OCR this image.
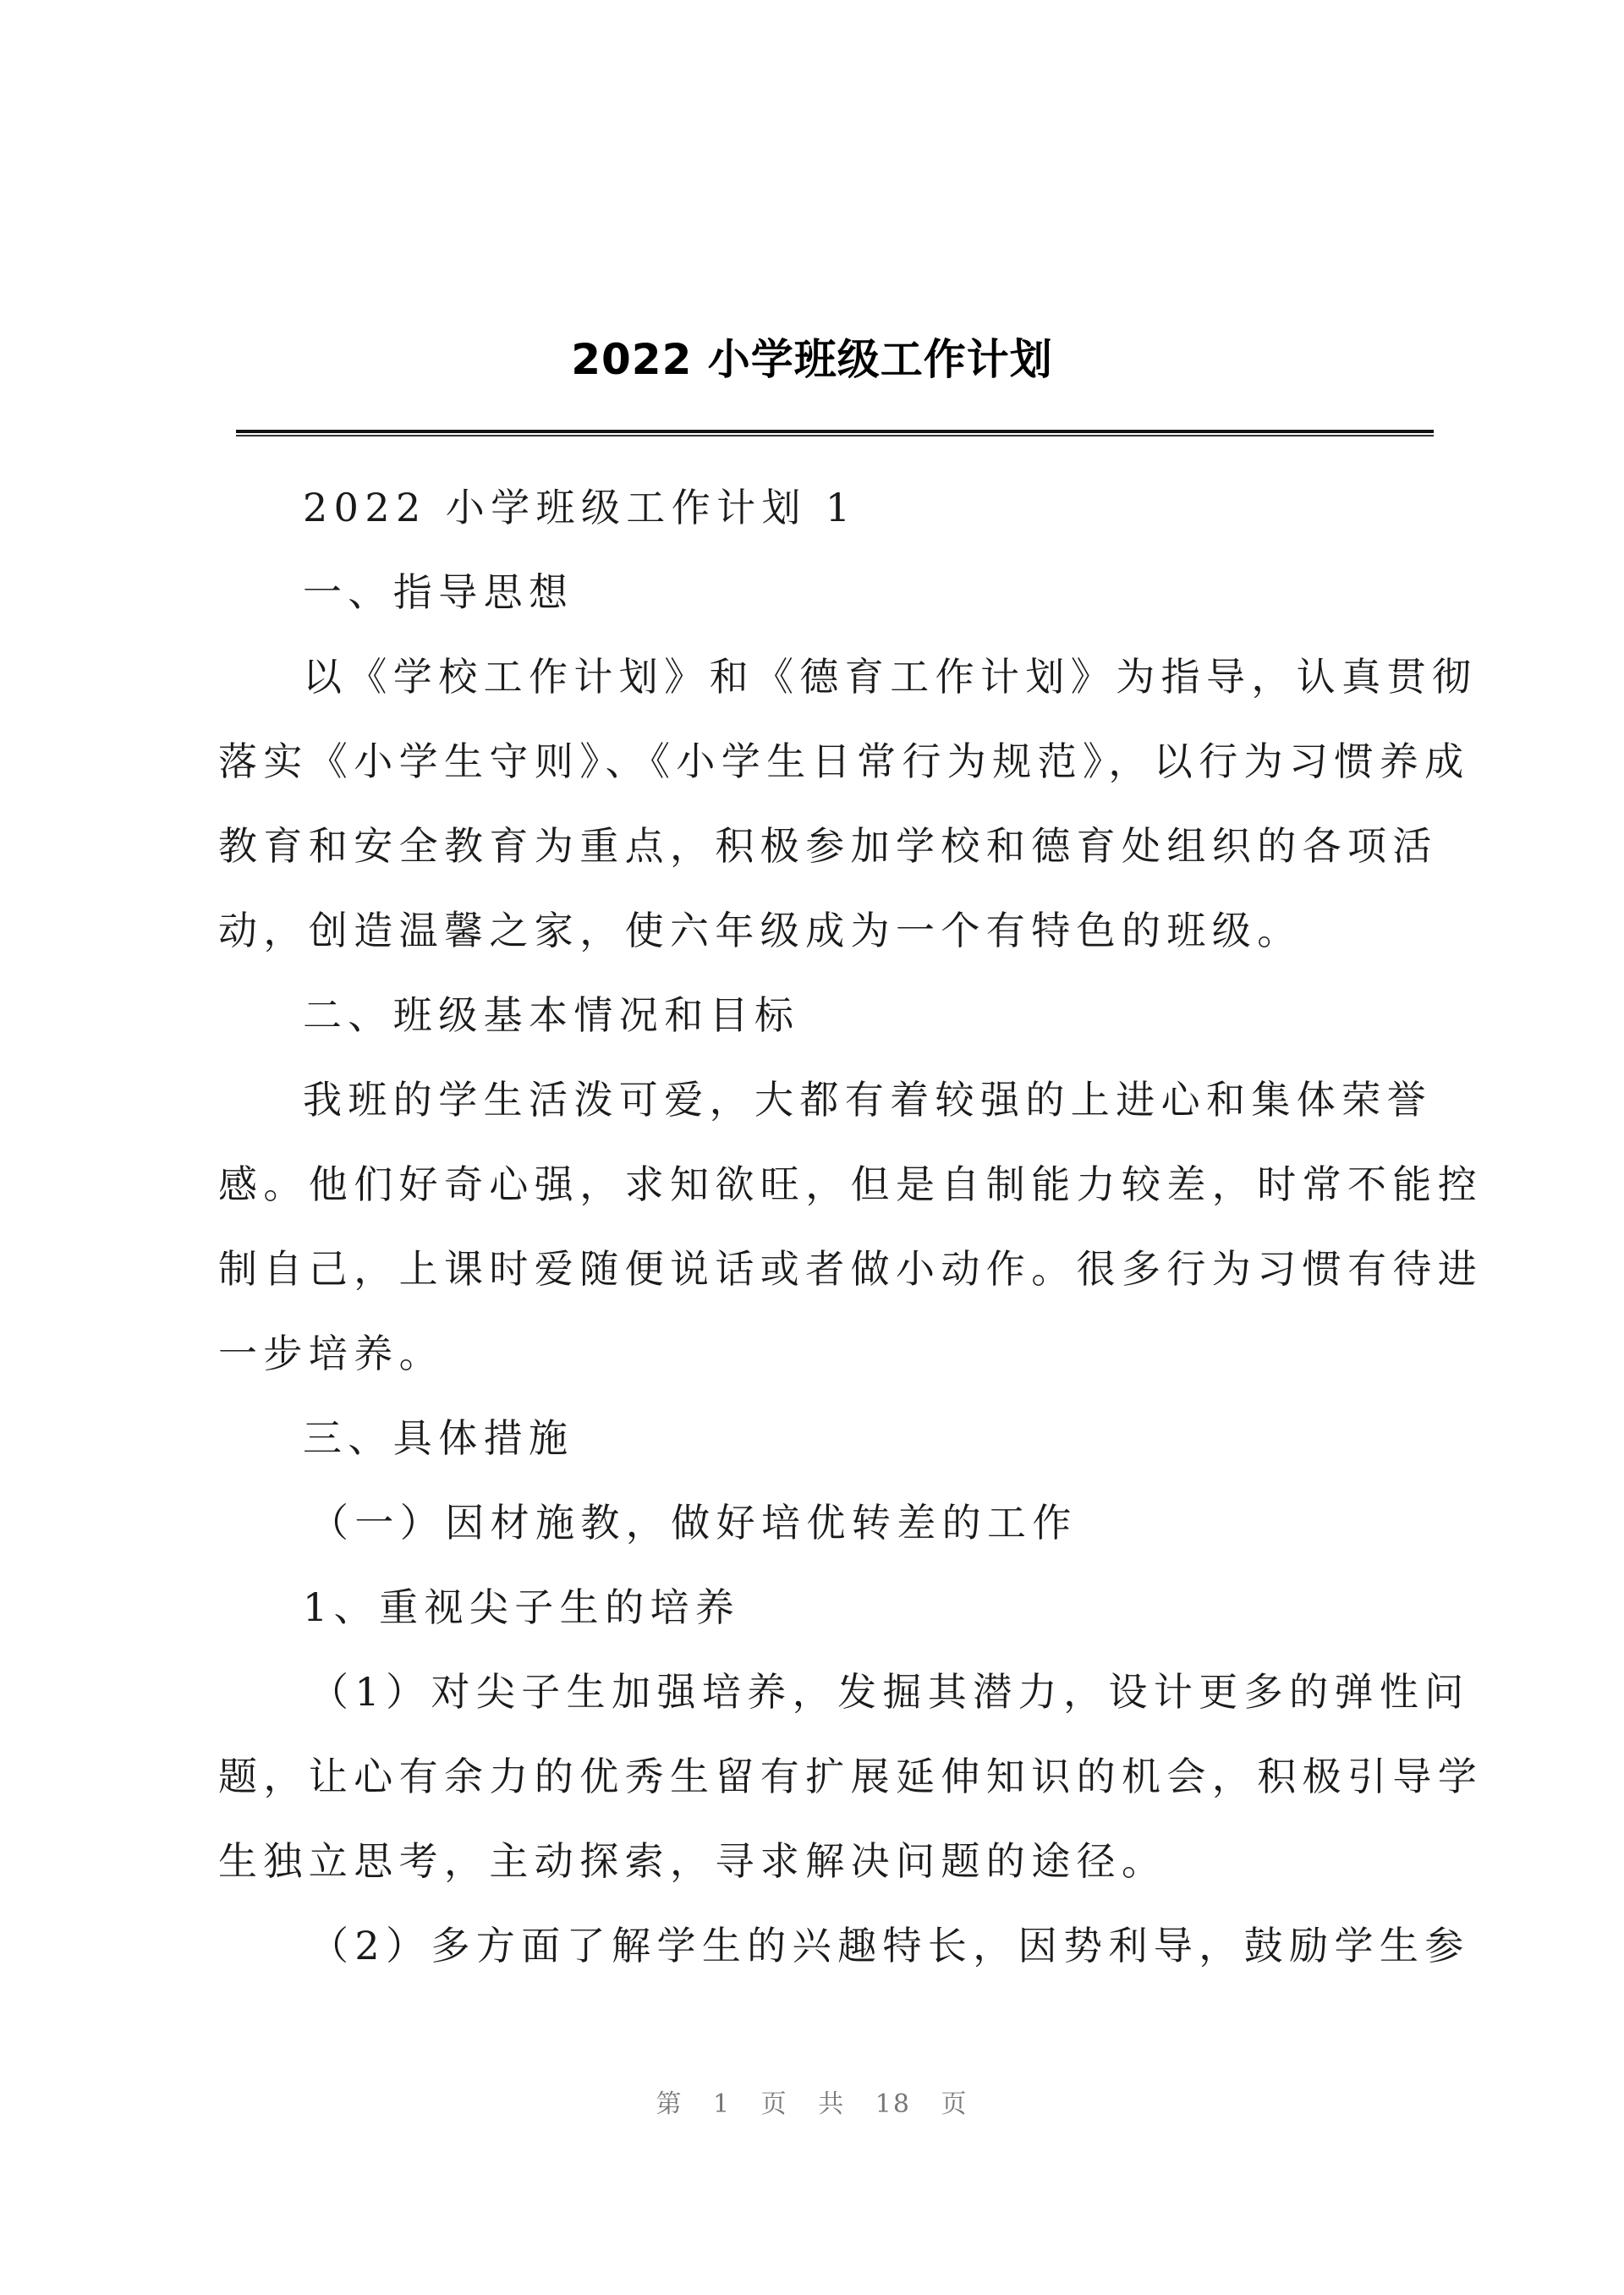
2022 小学班级工作计划
2022 小学班级工作计划 1
一、指导思想
以《学校工作计划》和《德育工作计划》为指导，认真贯彻
落实《小学生守则》、《小学生日常行为规范》，以行为习惯养成
教育和安全教育为重点，积极参加学校和德育处组织的各项活
动，创造温馨之家，使六年级成为一个有特色的班级。
二、班级基本情况和目标
我班的学生活泼可爱，大都有着较强的上进心和集体荣誉
感。他们好奇心强，求知欲旺，但是自制能力较差，时常不能控
制自己，上课时爱随便说话或者做小动作。很多行为习惯有待进
一步培养。
三、具体措施
（一）因材施教，做好培优转差的工作
1、重视尖子生的培养
（1）对尖子生加强培养，发掘其潜力，设计更多的弹性问
题，让心有余力的优秀生留有扩展延伸知识的机会，积极引导学
生独立思考，主动探索，寻求解决问题的途径。
（2）多方面了解学生的兴趣特长，因势利导，鼓励学生参
第 1 页 共 18 页
